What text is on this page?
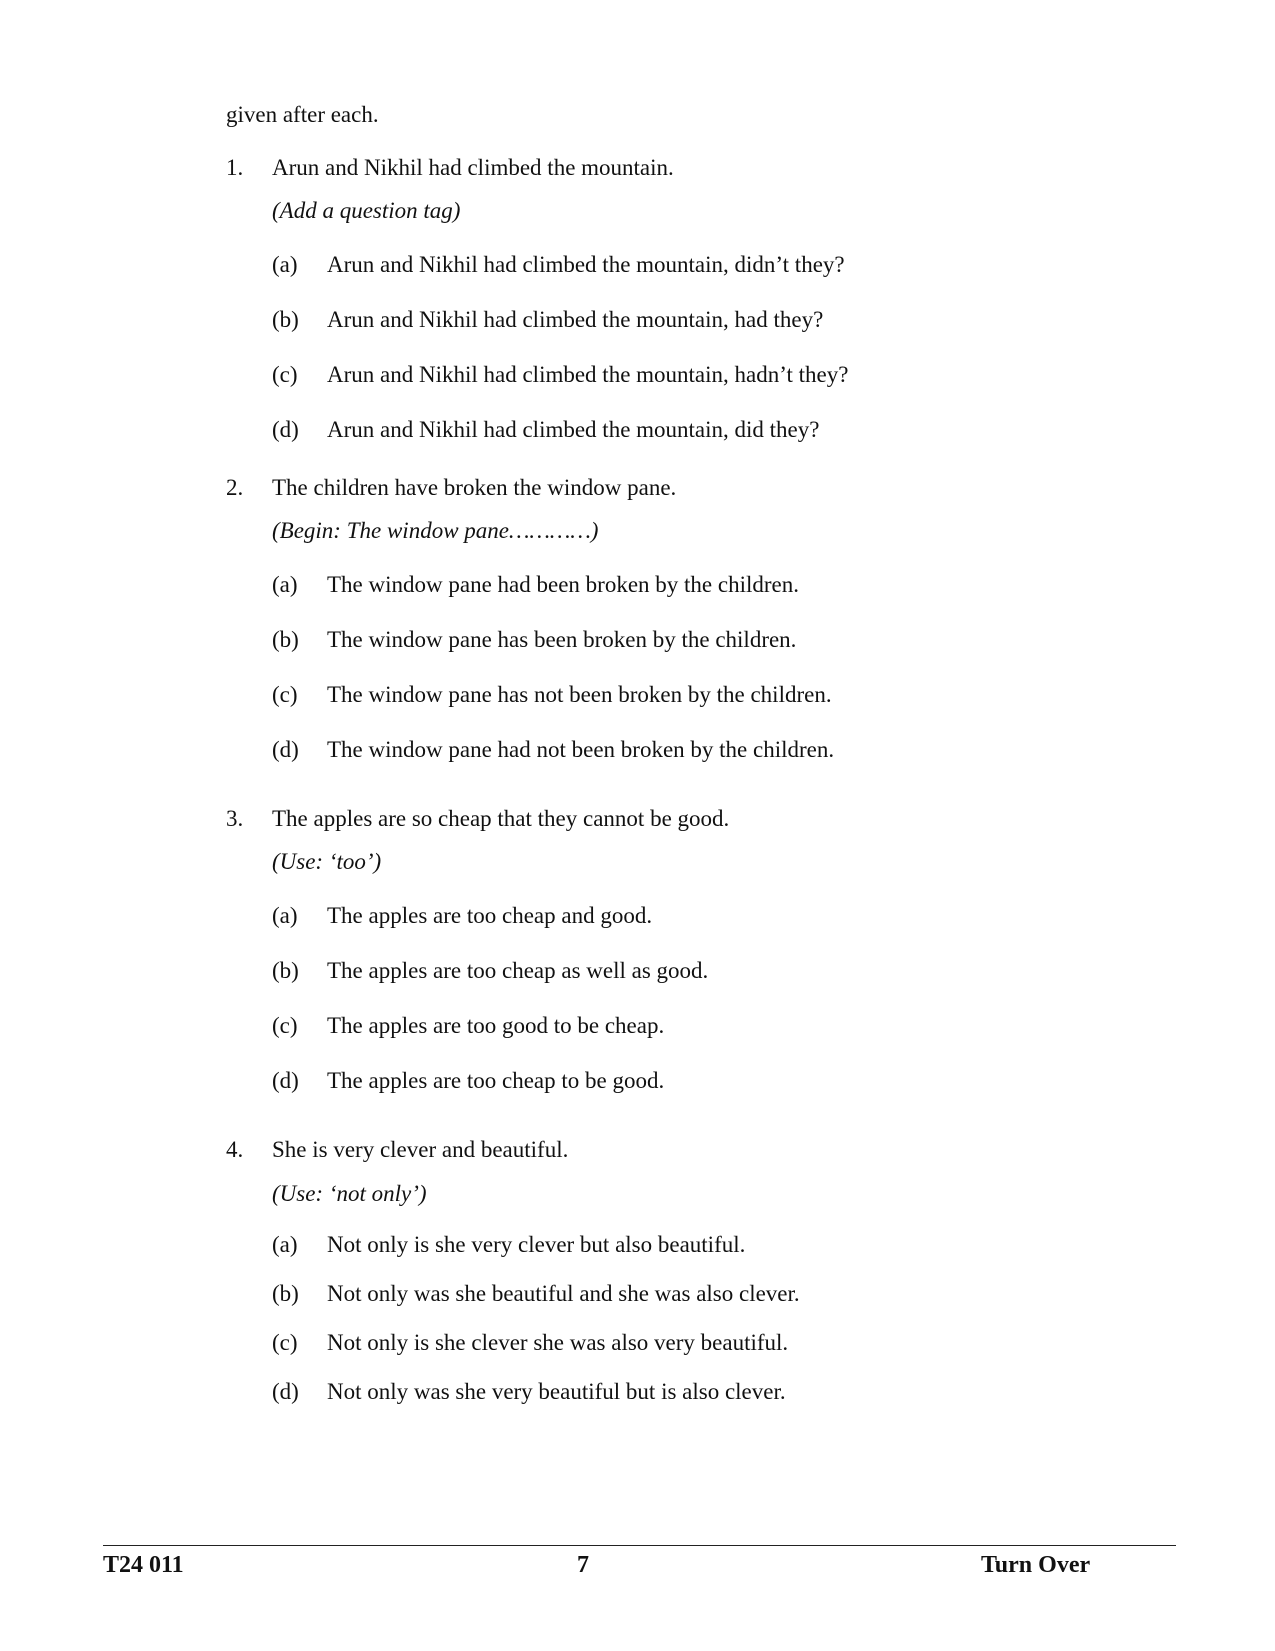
given after each.

1. Arun and Nikhil had climbed the mountain.

(Add a question tag)

(a) Arun and Nikhil had climbed the mountain, didn’t they?

(b) Arun and Nikhil had climbed the mountain, had they?

(c) Arun and Nikhil had climbed the mountain, hadn’t they?

(d) Arun and Nikhil had climbed the mountain, did they?

2. The children have broken the window pane.

(Begin: The window pane…………)

(a) The window pane had been broken by the children.

(b) The window pane has been broken by the children.

(c) The window pane has not been broken by the children.

(d) The window pane had not been broken by the children.

3. The apples are so cheap that they cannot be good.

(Use: ‘too’)

(a) The apples are too cheap and good.

(b) The apples are too cheap as well as good.

(c) The apples are too good to be cheap.

(d) The apples are too cheap to be good.

4. She is very clever and beautiful.

(Use: ‘not only’)

(a) Not only is she very clever but also beautiful.

(b) Not only was she beautiful and she was also clever.

(c) Not only is she clever she was also very beautiful.

(d) Not only was she very beautiful but is also clever.

T24 011	7	Turn Over
